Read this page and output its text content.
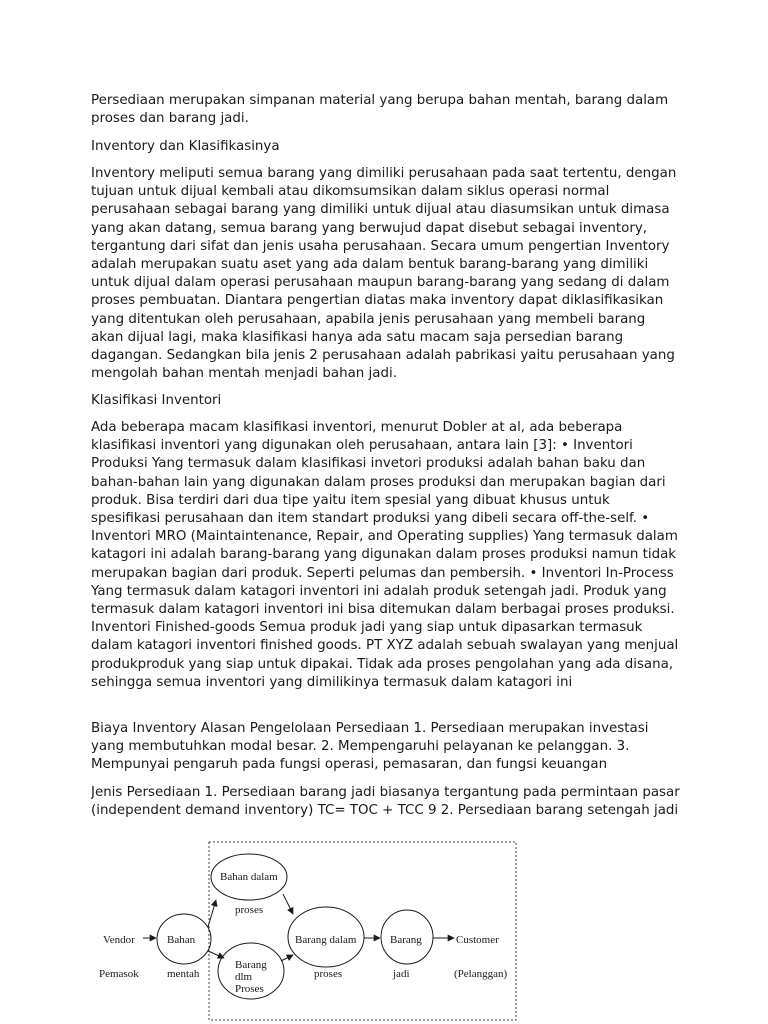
Persediaan merupakan simpanan material yang berupa bahan mentah, barang dalam proses dan barang jadi.

Inventory dan Klasifikasinya

Inventory meliputi semua barang yang dimiliki perusahaan pada saat tertentu, dengan tujuan untuk dijual kembali atau dikomsumsikan dalam siklus operasi normal perusahaan sebagai barang yang dimiliki untuk dijual atau diasumsikan untuk dimasa yang akan datang, semua barang yang berwujud dapat disebut sebagai inventory, tergantung dari sifat dan jenis usaha perusahaan. Secara umum pengertian Inventory adalah merupakan suatu aset yang ada dalam bentuk barang-barang yang dimiliki untuk dijual dalam operasi perusahaan maupun barang-barang yang sedang di dalam proses pembuatan. Diantara pengertian diatas maka inventory dapat diklasifikasikan yang ditentukan oleh perusahaan, apabila jenis perusahaan yang membeli barang akan dijual lagi, maka klasifikasi hanya ada satu macam saja persedian barang dagangan. Sedangkan bila jenis 2 perusahaan adalah pabrikasi yaitu perusahaan yang mengolah bahan mentah menjadi bahan jadi.

Klasifikasi Inventori

Ada beberapa macam klasifikasi inventori, menurut Dobler at al, ada beberapa klasifikasi inventori yang digunakan oleh perusahaan, antara lain [3]: • Inventori Produksi Yang termasuk dalam klasifikasi invetori produksi adalah bahan baku dan bahan-bahan lain yang digunakan dalam proses produksi dan merupakan bagian dari produk. Bisa terdiri dari dua tipe yaitu item spesial yang dibuat khusus untuk spesifikasi perusahaan dan item standart produksi yang dibeli secara off-the-self. • Inventori MRO (Maintaintenance, Repair, and Operating supplies) Yang termasuk dalam katagori ini adalah barang-barang yang digunakan dalam proses produksi namun tidak merupakan bagian dari produk. Seperti pelumas dan pembersih. • Inventori In-Process Yang termasuk dalam katagori inventori ini adalah produk setengah jadi. Produk yang termasuk dalam katagori inventori ini bisa ditemukan dalam berbagai proses produksi. Inventori Finished-goods Semua produk jadi yang siap untuk dipasarkan termasuk dalam katagori inventori finished goods. PT XYZ adalah sebuah swalayan yang menjual produkproduk yang siap untuk dipakai. Tidak ada proses pengolahan yang ada disana, sehingga semua inventori yang dimilikinya termasuk dalam katagori ini

Biaya Inventory Alasan Pengelolaan Persediaan 1. Persediaan merupakan investasi yang membutuhkan modal besar. 2. Mempengaruhi pelayanan ke pelanggan. 3. Mempunyai pengaruh pada fungsi operasi, pemasaran, dan fungsi keuangan

Jenis Persediaan 1. Persediaan barang jadi biasanya tergantung pada permintaan pasar (independent demand inventory) TC= TOC + TCC 9 2. Persediaan barang setengah jadi

Vendor
Pemasok
Bahan
mentah
Bahan dalam
proses
Barang
dlm
Proses
Barang dalam
proses
Barang
jadi
Customer
(Pelanggan)
